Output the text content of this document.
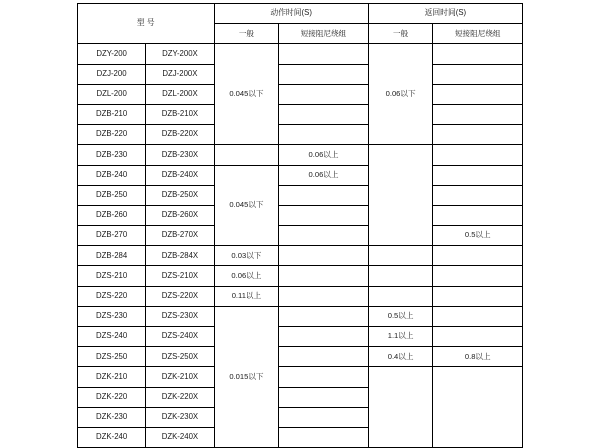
型 号		动作时间(S)		返回时间(S)	
		一般	短接阻尼绕组	一般	短接阻尼绕组
DZY-200	DZY-200X	0.045以下		0.06以下	
DZJ-200	DZJ-200X				
DZL-200	DZL-200X				
DZB-210	DZB-210X				
DZB-220	DZB-220X				
DZB-230	DZB-230X		0.06以上		
DZB-240	DZB-240X	0.045以下	0.06以上		
DZB-250	DZB-250X				
DZB-260	DZB-260X				
DZB-270	DZB-270X				0.5以上
DZB-284	DZB-284X	0.03以下			
DZS-210	DZS-210X	0.06以上			
DZS-220	DZS-220X	0.11以上			
DZS-230	DZS-230X	0.015以下		0.5以上	
DZS-240	DZS-240X			1.1以上	
DZS-250	DZS-250X			0.4以上	0.8以上
DZK-210	DZK-210X				
DZK-220	DZK-220X				
DZK-230	DZK-230X				
DZK-240	DZK-240X				
